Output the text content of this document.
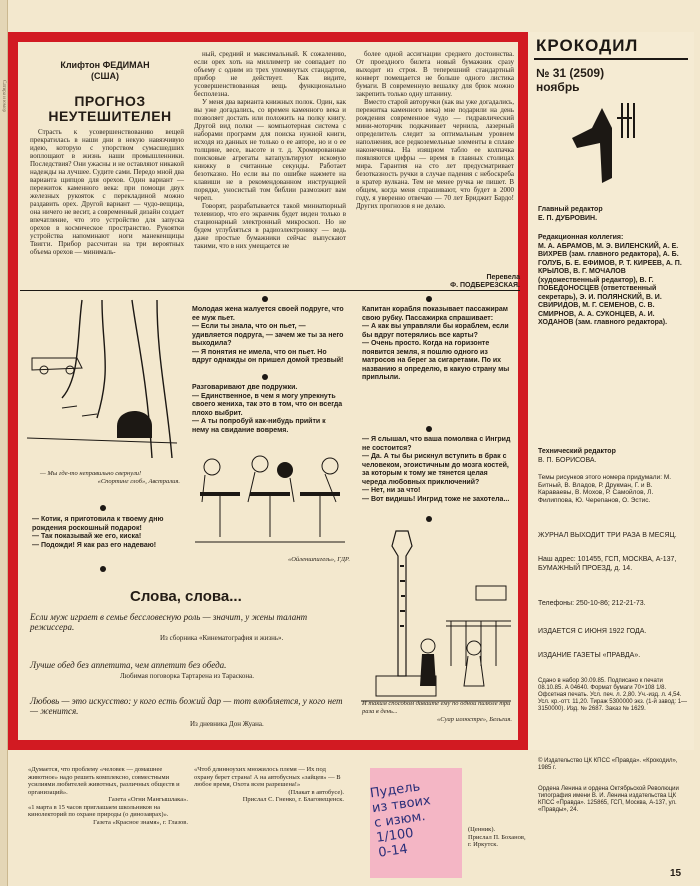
Сатира и юмор
Клифтон ФЕДИМАН
(США)
ПРОГНОЗ
НЕУТЕШИТЕЛЕН

Страсть к усовершенствованию вещей прекратилась в наши дни в некую навязчивую идею, которую с упорством сумасшедших воплощают в жизнь наши промышленники. Последствия? Они ужасны и не оставляют никакой надежды на лучшее. Судите сами. Передо мной два варианта щипцов для орехов. Один вариант — пережиток каменного века: при помощи двух железных рукояток с перекладиной можно раздавить орех. Другой вариант — чудо-вещица, она ничего не весит, а современный дизайн создает впечатление, что это устройство для запуска орехов в космическое пространство. Рукоятки устройства напоминают ноги манекенщицы Твигги. Прибор рассчитан на три вероятных объема орехов — минималь-

ный, средний и максимальный. К сожалению, если орех хоть на миллиметр не совпадает по объему с одним из трех упомянутых стандартов, прибор не действует. Как видите, усовершенствованная вещь функционально бесполезна.

У меня два варианта книжных полок. Один, как вы уже догадались, со времен каменного века и позволяет достать или положить на полку книгу. Другой вид полки — компьютерная система с наборами программ для поиска нужной книги, исходя из данных не только о ее авторе, но и о ее толщине, весе, высоте и т. д. Хромированные поисковые агрегаты катапультируют искомую книжку в считанные секунды. Работает безотказно. Но если вы по ошибке нажмете на клавиши не в рекомендованном инструкцией порядке, уносистый том библии размозжит вам череп.

Говорят, разрабатывается такой миниатюрный телевизор, что его экранчик будет виден только в стационарный электронный микроскоп. Но не будем углубляться в радиоэлектронику — ведь даже простые бумажники сейчас выпускают такими, что в них умещается не

более одной ассигнации среднего достоинства. От проездного билета новый бумажник сразу выходит из строя. В теперешний стандартный конверт помещается не больше одного листика бумаги. В современную вешалку для брюк можно закрепить только одну штанину.

Вместо старой авторучки (как вы уже догадались, пережитка каменного века) мне подарили на день рождения современное чудо — гидравлический мини-моторчик подкачивает чернила, лазерный определитель следит за оптимальным уровнем наполнения, все редкоземельные элементы в сплаве наконечника. На изящном табло ее колпачка появляются цифры — время в главных столицах мира. Гарантия на сто лет предусматривает безотказность ручки в случае падения с небоскреба в кратер вулкана. Тем не менее ручка не пишет. В общем, когда меня спрашивают, что будет в 2000 году, я уверенно отвечаю — 70 лет Бриджит Бардо! Других прогнозов я не делаю.

Перевела
Ф. ПОДБЕРЕЗСКАЯ.
— Мы где-то неправильно свернули!
«Спортинг глоб», Австралия.
— Котик, я приготовила к твоему дню рождения роскошный подарок!
— Так показывай же его, киска!
— Подожди! Я как раз его надеваю!
Молодая жена жалуется своей подруге, что ее муж пьет.
— Если ты знала, что он пьет, — удивляется подруга, — зачем же ты за него выходила?
— Я понятия не имела, что он пьет. Но вдруг однажды он пришел домой трезвый!
Разговаривают две подружки.
— Единственное, в чем я могу упрекнуть своего жениха, так это в том, что он всегда плохо выбрит.
— А ты попробуй как-нибудь прийти к нему на свидание вовремя.
«Ойленшпигель», ГДР.
Капитан корабля показывает пассажирам свою рубку. Пассажирка спрашивает:
— А как вы управляли бы кораблем, если бы вдруг потерялись все карты?
— Очень просто. Когда на горизонте появится земля, я пошлю одного из матросов на берег за сигаретами. По их названию я определю, в какую страну мы приплыли.
— Я слышал, что ваша помолвка с Ингрид не состоится?
— Да. А ты бы рискнул вступить в брак с человеком, эгоистичным до мозга костей, за которым к тому же тянется целая череда любовных приключений?
— Нет, ни за что!
— Вот видишь! Ингрид тоже не захотела...
И таким способом давайте ему по одной пилюле три раза в день...
«Суар иллюстре», Бельгия.
Слова, слова...
Если муж играет в семье бессловесную роль — значит, у жены талант режиссера.
Из сборника «Кинематография и жизнь».
Лучше обед без аппетита, чем аппетит без обеда.
Любимая поговорка Тартарена из Тараскона.
Любовь — это искусство: у кого есть божий дар — тот влюбляется, у кого нет — женится.
Из дневника Дон Жуана.
«Думается, что проблему «человек — домашнее животное» надо решить комплексно, совместными усилиями любителей животных, различных обществ и организаций».
Газета «Огни Мангышлака».
«1 марта в 15 часов приглашаем школьников на кинолекторий по охране природы (о динозаврах)».
Газета «Красное знамя», г. Глазов.
«Чтоб длинноухих множилось племя — Их под охрану берет страна! А на автобусных «зайцев» — В любое время, Охота всем разрешена!»
(Плакат в автобусе).
Прислал С. Гненко, г. Благовещенск.
(Ценник).
Прислал П. Боханов, г. Иркутск.
Пудель
из твоих
с изюм.
1/100
0-14
КРОКОДИЛ
№ 31 (2509)
ноябрь
Главный редактор
Е. П. ДУБРОВИН.
Редакционная коллегия:
М. А. АБРАМОВ, М. Э. ВИЛЕНСКИЙ, А. Е. ВИХРЕВ (зам. главного редактора), А. Б. ГОЛУБ, Б. Е. ЕФИМОВ, Р. Т. КИРЕЕВ, А. П. КРЫЛОВ, В. Г. МОЧАЛОВ (художественный редактор), В. Г. ПОБЕДОНОСЦЕВ (ответственный секретарь), Э. И. ПОЛЯНСКИЙ, В. И. СВИРИДОВ, М. Г. СЕМЕНОВ, С. В. СМИРНОВ, А. А. СУКОНЦЕВ, А. И. ХОДАНОВ (зам. главного редактора).
Технический редактор
В. П. БОРИСОВА.
Темы рисунков этого номера придумали: М. Битный, В. Владов, Р. Друкман, Г. и В. Караваевы, В. Мохов, Р. Самойлов, Л. Филипповa, Ю. Черепанов, О. Эстис.
ЖУРНАЛ ВЫХОДИТ ТРИ РАЗА В МЕСЯЦ.
Наш адрес: 101455, ГСП, МОСКВА, А-137, БУМАЖНЫЙ ПРОЕЗД, д. 14.
Телефоны: 250-10-86; 212-21-73.
ИЗДАЕТСЯ С ИЮНЯ 1922 ГОДА.
ИЗДАНИЕ ГАЗЕТЫ «ПРАВДА».
Сдано в набор 30.09.85. Подписано к печати 08.10.85. А 04640. Формат бумаги 70×108 1/8. Офсетная печать. Усл. печ. л. 2,80. Уч.-изд. л. 4,54. Усл. кр.-отт. 11,20. Тираж 5300000 экз. (1-й завод: 1—3150000). Изд. № 2687. Заказ № 1629.
© Издательство ЦК КПСС «Правда». «Крокодил», 1985 г.
Ордена Ленина и ордена Октябрьской Революции типография имени В. И. Ленина издательства ЦК КПСС «Правда». 125865, ГСП, Москва, А-137, ул. «Правды», 24.
15
